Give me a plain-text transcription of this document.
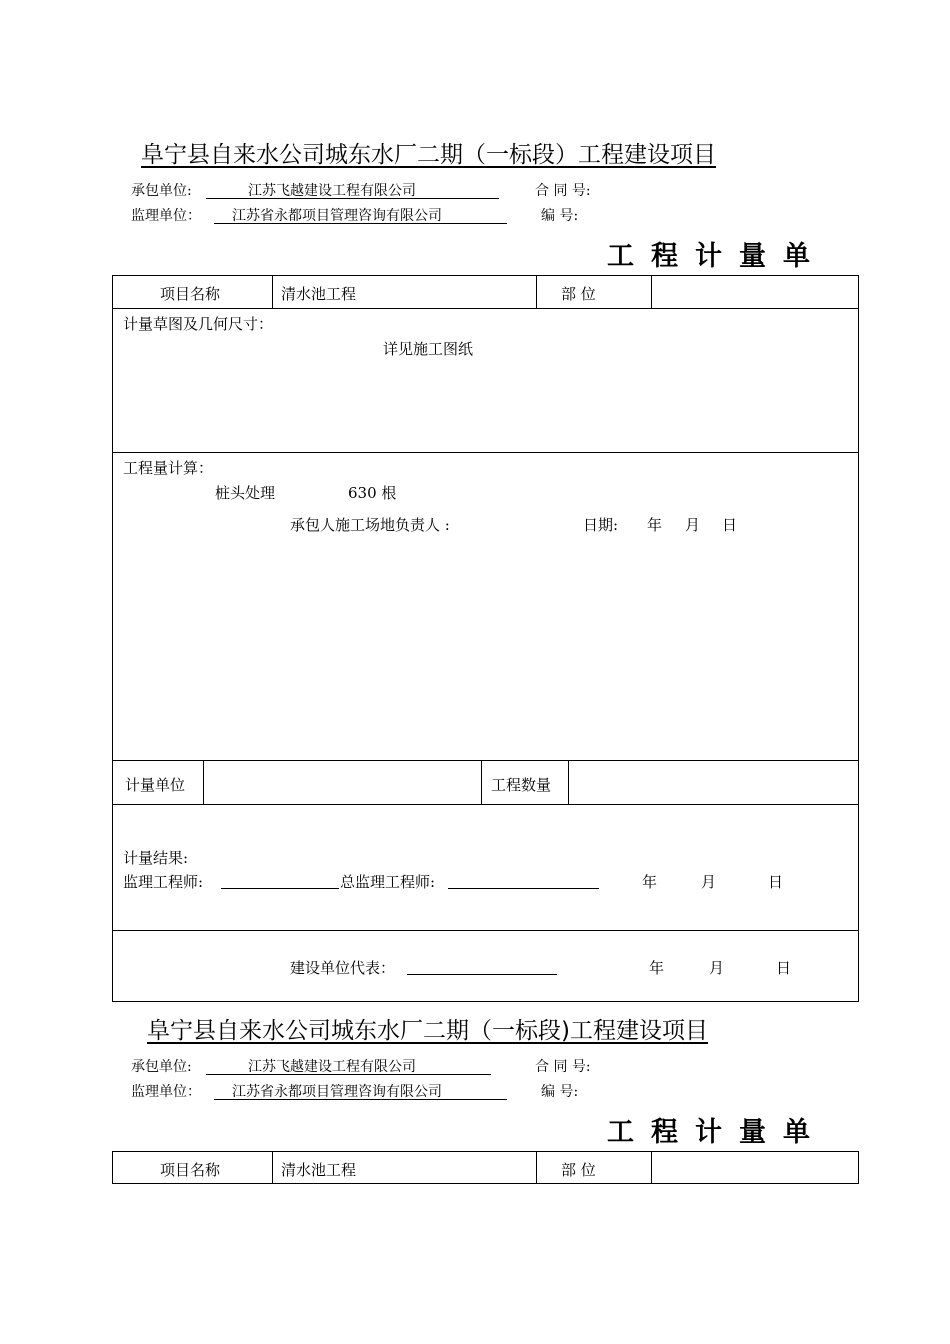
阜宁县自来水公司城东水厂二期（一标段）工程建设项目
承包单位:	江苏飞越建设工程有限公司	合 同 号:
监理单位： 江苏省永都项目管理咨询有限公司	编 号:
工程计量单
项目名称	清水池工程	部 位
计量草图及几何尺寸：
详见施工图纸
工程量计算：
桩头处理	630 根
承包人施工场地负责人 :	日期: 年 月 日
计量单位	工程数量
计量结果:
监理工程师:	总监理工程师:	年	月	日
建设单位代表：	年	月	日
阜宁县自来水公司城东水厂二期（一标段)工程建设项目
承包单位:	江苏飞越建设工程有限公司	合 同 号:
监理单位： 江苏省永都项目管理咨询有限公司	编 号:
工程计量单
项目名称	清水池工程	部 位
